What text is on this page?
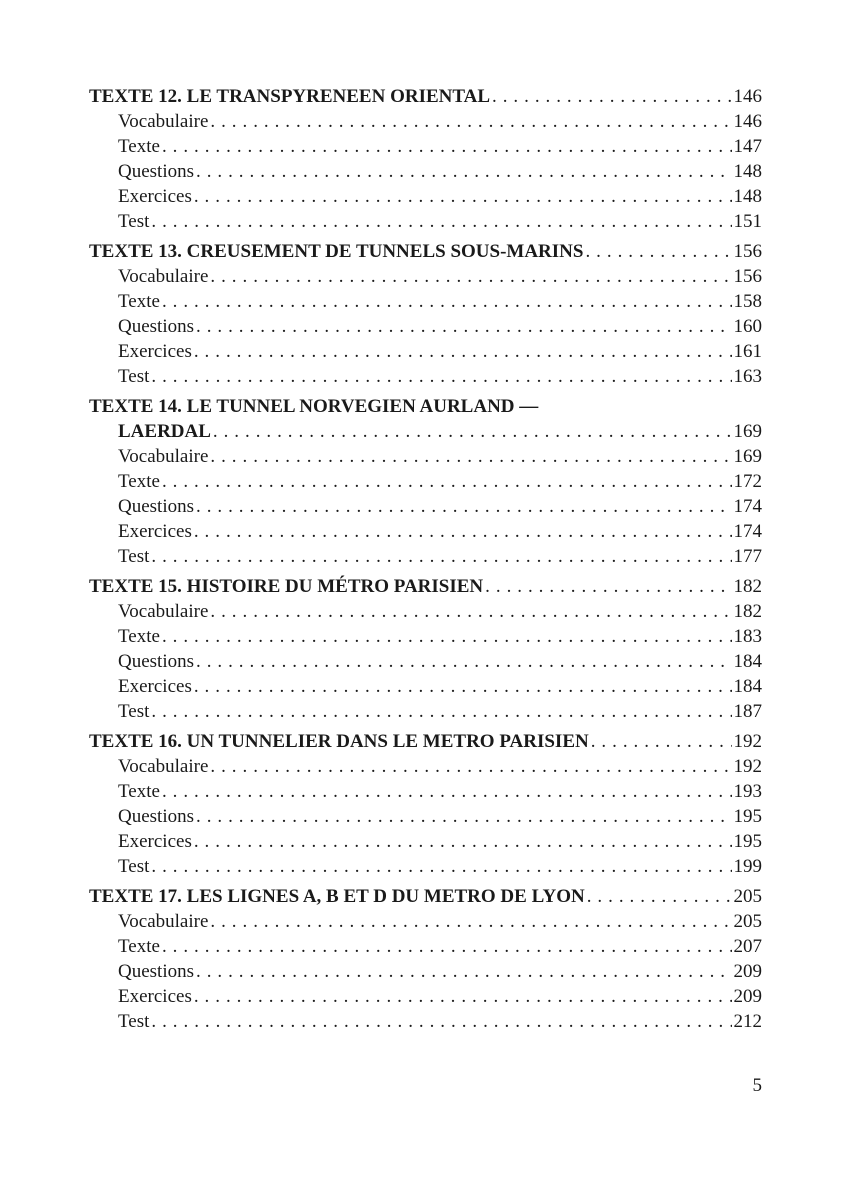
TEXTE 12. LE TRANSPYRENEEN ORIENTAL . . .	146
Vocabulaire . . .	146
Texte . . .	147
Questions . . .	148
Exercices . . .	148
Test . . .	151
TEXTE 13. CREUSEMENT DE TUNNELS SOUS-MARINS . . .	156
Vocabulaire . . .	156
Texte . . .	158
Questions . . .	160
Exercices . . .	161
Test . . .	163
TEXTE 14. LE TUNNEL NORVEGIEN AURLAND —
LAERDAL . . .	169
Vocabulaire . . .	169
Texte . . .	172
Questions . . .	174
Exercices . . .	174
Test . . .	177
TEXTE 15. HISTOIRE DU MÉTRO PARISIEN . . .	182
Vocabulaire . . .	182
Texte . . .	183
Questions . . .	184
Exercices . . .	184
Test . . .	187
TEXTE 16. UN TUNNELIER DANS LE METRO PARISIEN . . .	192
Vocabulaire . . .	192
Texte . . .	193
Questions . . .	195
Exercices . . .	195
Test . . .	199
TEXTE 17. LES LIGNES A, B ET D DU METRO DE LYON . . .	205
Vocabulaire . . .	205
Texte . . .	207
Questions . . .	209
Exercices . . .	209
Test . . .	212
5
